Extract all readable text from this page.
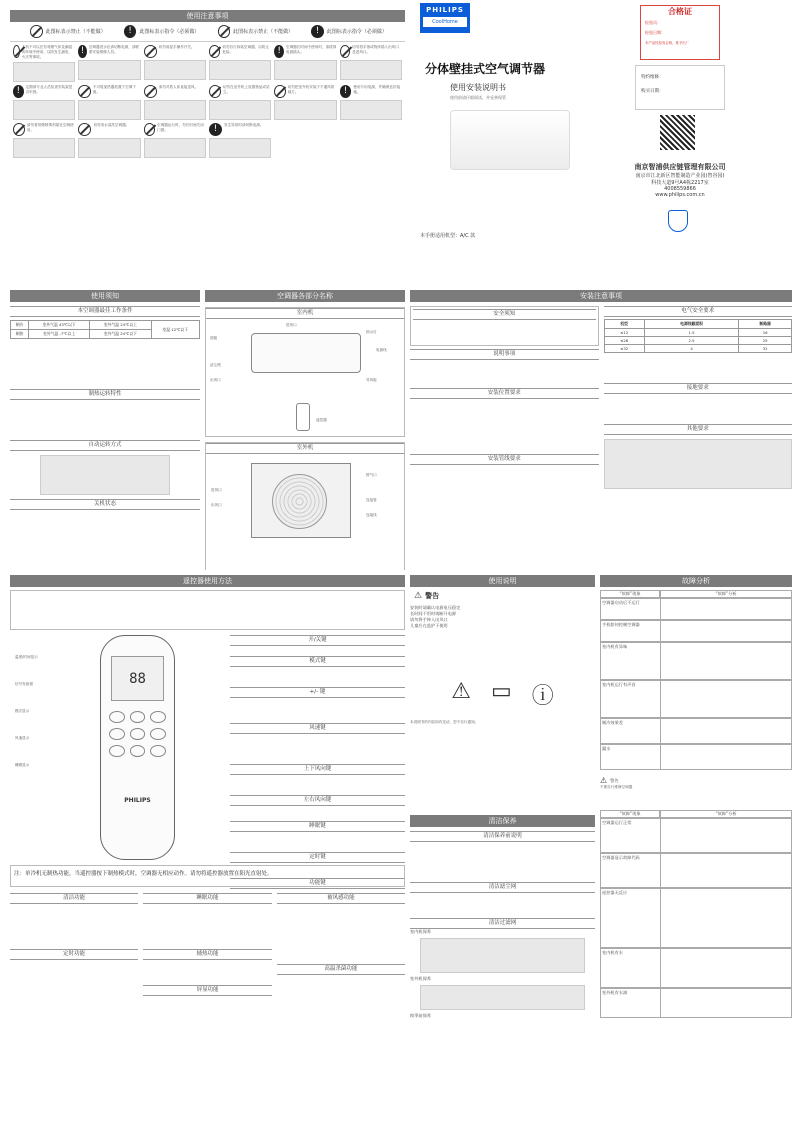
使用注意事项
此图标表示禁止（不能做）	!	此图标表示指令（必须做）	此图标表示禁止（不能做）	!	此图标表示指令（必须做）
本机不可以在有易燃气体及潮湿的环境中使用，以防发生漏电、火灾等事故。
!	空调器进水后请切断电源，请联系安装维修人员。
切勿用湿手操作开关。	切勿自行拆装空调器，以防止危险。	!	空调器长时间不使用时，请拔掉电源插头。
切勿将手指或物体插入出风口及进风口。
!	定期请专业人员检查安装架是否牢固。
不可将加热器放置于空调下面。
请勿对着人体直接送风。	切勿在室外机上放置物品或站立。
切勿把室外机安装于不通风的地方。	!	使用专用电源，并确保良好接地。
请勿将易燃喷雾剂靠近空调使用。
切勿用水清洗空调器。	空调器运行时，勿长时间关闭门窗。	!	发生异常时请切断电源。
PHILIPS
CoolHome
分体壁挂式空气调节器
使用安装说明书
使用前请仔细阅读，并妥善保管
本手册适用机型：A/C 款
合格证
检验员：
检验日期：
本产品经检验合格，准予出厂
特约维修：
购买日期：
南京智浦供应链管理有限公司
南京市江北新区智能制造产业园(智谷园)
科技大道9号A4栋2217室
4008559866
www.philips.com.cn
使用须知
本空调器最佳工作条件
制冷	室外气温 43℃以下	室外气温 24℃以上	室温 12℃以下
制热	室外气温 -7℃以上	室外气温 24℃以下	
制热运转特性
自动运转方式
关机状态
空调器各部分名称
室内机
面板
进风口
指示灯
电源线
出风口	导风板
遥控器
滤尘网
室外机
排气口
进风口
出风口
连接管
连接线
安装注意事项
安全须知
说明事项
安装位置要求
安装管线要求
电气安全要求
机型	电源线截面积	断路器
≤12	1.5	16
≤26	2.5	25
≤32	4	32
接地要求
其他要求
遥控器使用方法
88
PHILIPS
温度/时间显示
信号发射窗
模式显示
风速显示
睡眠显示
开/关键
模式键
+/- 键
风速键
上下风向键
左右风向键
睡眠键
定时键
功能键
注：单冷机无制热功能，当遥控器按下制热模式时，空调器无相应动作。请勿将遥控器放置在阳光直射处。
清洁功能
定时功能
睡眠功能
辅热功能
屏显功能
被风感功能
高温杀菌功能
使用说明
⚠ 警告
安装时请确认电源电压稳定
长时间不用时请断开电源
请勿将手伸入出风口
儿童应在监护下使用
⚠ ▭ ⓘ
本说明书的内容如有变动，恕不另行通知。
清洁保养
清洁保养前说明
清洁滤尘网
清洁过滤网
室内机保养
室外机保养
换季前保养
故障分析
“故障”现象	“故障”分析
空调器启动后不运行
手机如何控制空调器
室内机有异味
室内机运行有声音
制冷效果差
漏水
⚠ 警告
不要自行维修空调器
“故障”现象	“故障”分析
空调器运行正常
空调器显示故障代码
遥控器无反应
室内机有水
室外机有水滴
